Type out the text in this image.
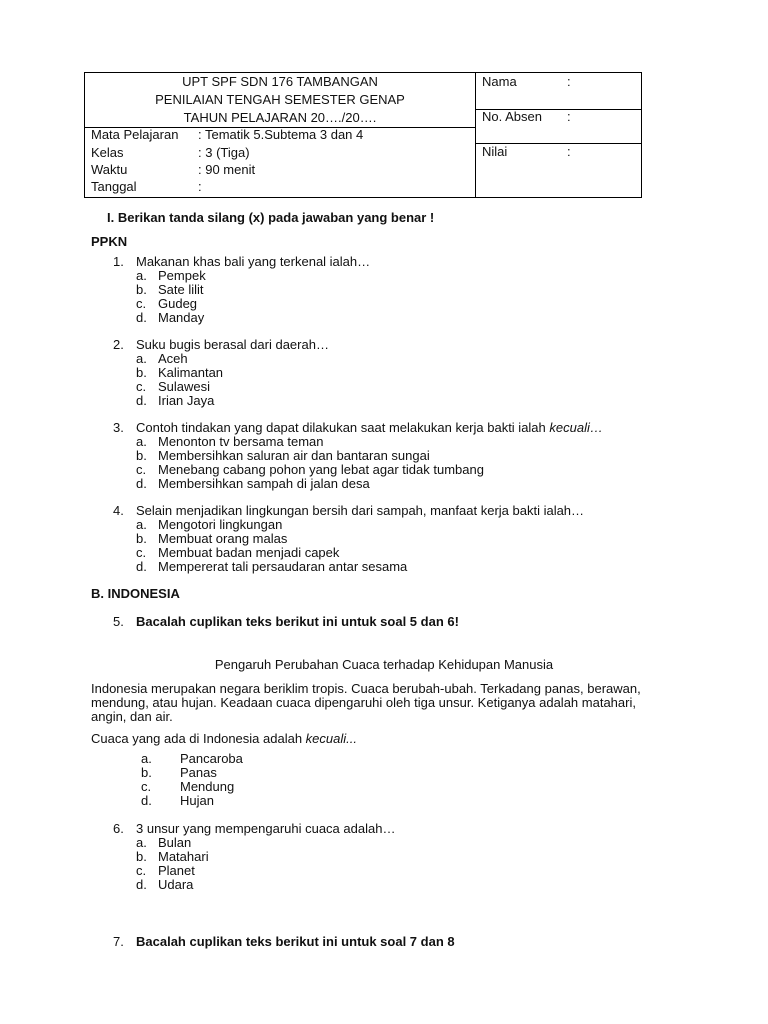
UPT SPF SDN 176 TAMBANGAN
PENILAIAN TENGAH SEMESTER GENAP
TAHUN PELAJARAN 20…./20….
Mata Pelajaran : Tematik 5.Subtema 3 dan 4
Kelas	: 3 (Tiga)
Waktu	: 90 menit
Tanggal	:
Nama	:
No. Absen :
Nilai	:
I. Berikan tanda silang (x) pada jawaban yang benar !
PPKN
1. Makanan khas bali yang terkenal ialah…
a. Pempek
b. Sate lilit
c. Gudeg
d. Manday
2. Suku bugis berasal dari daerah…
a. Aceh
b. Kalimantan
c. Sulawesi
d. Irian Jaya
3. Contoh tindakan yang dapat dilakukan saat melakukan kerja bakti ialah kecuali…
a. Menonton tv bersama teman
b. Membersihkan saluran air dan bantaran sungai
c. Menebang cabang pohon yang lebat agar tidak tumbang
d. Membersihkan sampah di jalan desa
4. Selain menjadikan lingkungan bersih dari sampah, manfaat kerja bakti ialah…
a. Mengotori lingkungan
b. Membuat orang malas
c. Membuat badan menjadi capek
d. Mempererat tali persaudaran antar sesama
B. INDONESIA
5. Bacalah cuplikan teks berikut ini untuk soal 5 dan 6!
Pengaruh Perubahan Cuaca terhadap Kehidupan Manusia
Indonesia merupakan negara beriklim tropis. Cuaca berubah-ubah. Terkadang panas, berawan,
mendung, atau hujan. Keadaan cuaca dipengaruhi oleh tiga unsur. Ketiganya adalah matahari,
angin, dan air.
Cuaca yang ada di Indonesia adalah kecuali...
a. Pancaroba
b. Panas
c. Mendung
d. Hujan
6. 3 unsur yang mempengaruhi cuaca adalah…
a. Bulan
b. Matahari
c. Planet
d. Udara
7. Bacalah cuplikan teks berikut ini untuk soal 7 dan 8
